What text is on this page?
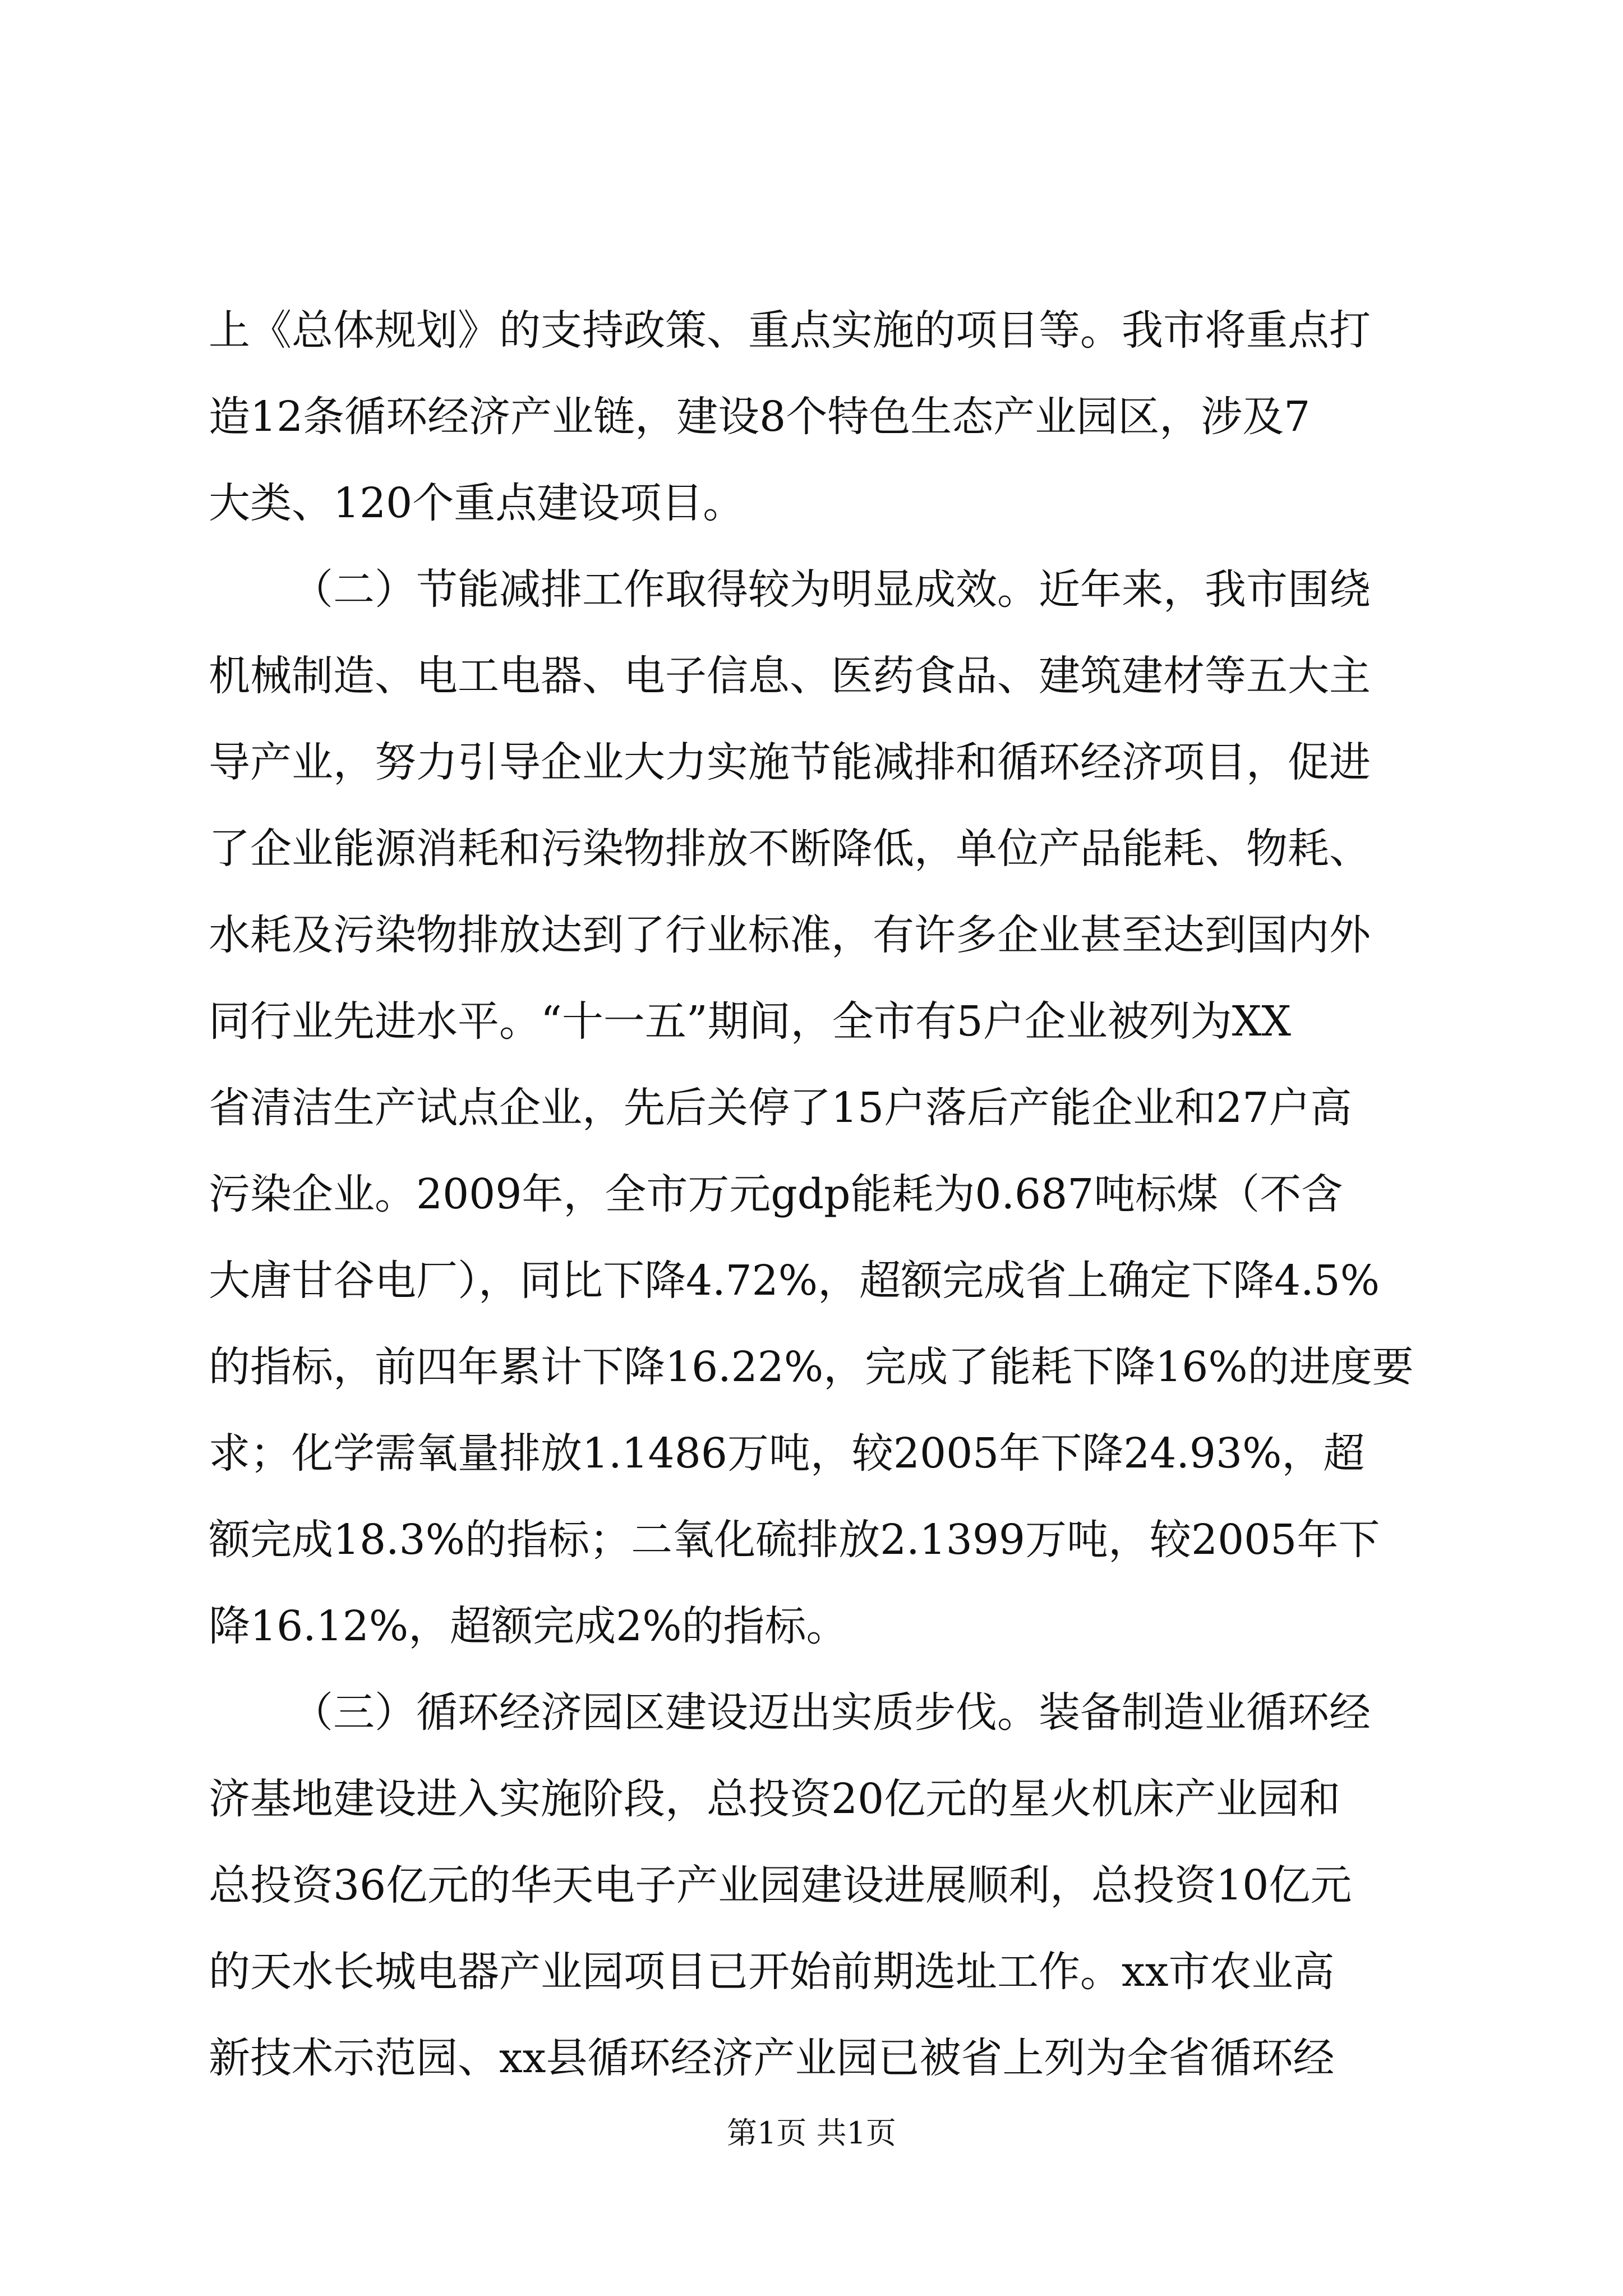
上《总体规划》的支持政策、重点实施的项目等。我市将重点打
造12条循环经济产业链，建设8个特色生态产业园区，涉及7
大类、120个重点建设项目。
（二）节能减排工作取得较为明显成效。近年来，我市围绕
机械制造、电工电器、电子信息、医药食品、建筑建材等五大主
导产业，努力引导企业大力实施节能减排和循环经济项目，促进
了企业能源消耗和污染物排放不断降低，单位产品能耗、物耗、
水耗及污染物排放达到了行业标准，有许多企业甚至达到国内外
同行业先进水平。“十一五”期间，全市有5户企业被列为XX
省清洁生产试点企业，先后关停了15户落后产能企业和27户高
污染企业。2009年，全市万元gdp能耗为0.687吨标煤（不含
大唐甘谷电厂），同比下降4.72%，超额完成省上确定下降4.5%
的指标，前四年累计下降16.22%，完成了能耗下降16%的进度要
求；化学需氧量排放1.1486万吨，较2005年下降24.93%，超
额完成18.3%的指标；二氧化硫排放2.1399万吨，较2005年下
降16.12%，超额完成2%的指标。
（三）循环经济园区建设迈出实质步伐。装备制造业循环经
济基地建设进入实施阶段，总投资20亿元的星火机床产业园和
总投资36亿元的华天电子产业园建设进展顺利，总投资10亿元
的天水长城电器产业园项目已开始前期选址工作。xx市农业高
新技术示范园、xx县循环经济产业园已被省上列为全省循环经
第1页 共1页
